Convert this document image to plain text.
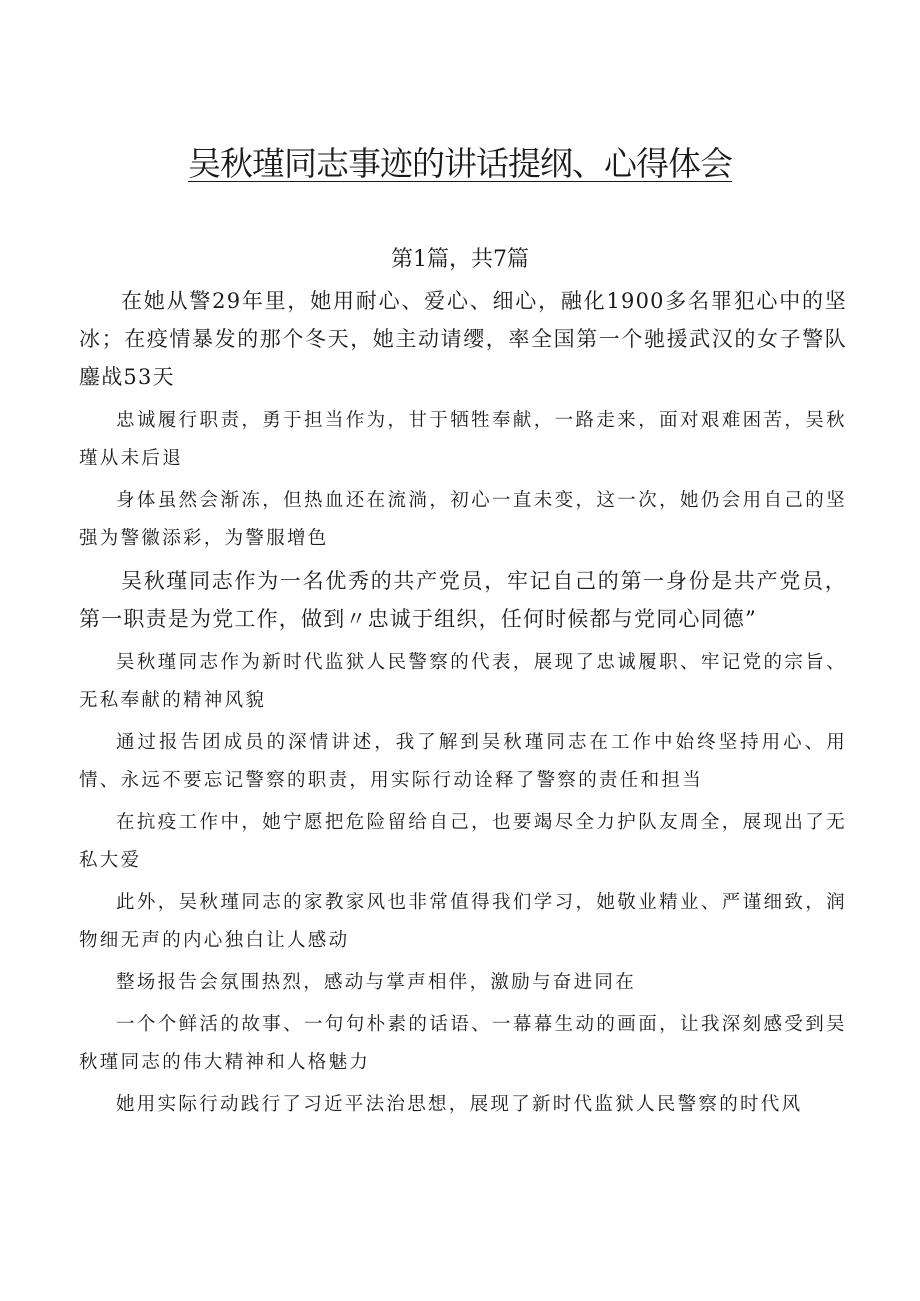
吴秋瑾同志事迹的讲话提纲、心得体会
第1篇，共7篇

在她从警29年里，她用耐心、爱心、细心，融化1900多名罪犯心中的坚冰；在疫情暴发的那个冬天，她主动请缨，率全国第一个驰援武汉的女子警队鏖战53天

忠诚履行职责，勇于担当作为，甘于牺牲奉献，一路走来，面对艰难困苦，吴秋瑾从未后退

身体虽然会渐冻，但热血还在流淌，初心一直未变，这一次，她仍会用自己的坚强为警徽添彩，为警服增色

吴秋瑾同志作为一名优秀的共产党员，牢记自己的第一身份是共产党员，第一职责是为党工作，做到〃忠诚于组织，任何时候都与党同心同德”

吴秋瑾同志作为新时代监狱人民警察的代表，展现了忠诚履职、牢记党的宗旨、无私奉献的精神风貌

通过报告团成员的深情讲述，我了解到吴秋瑾同志在工作中始终坚持用心、用情、永远不要忘记警察的职责，用实际行动诠释了警察的责任和担当

在抗疫工作中，她宁愿把危险留给自己，也要竭尽全力护队友周全，展现出了无私大爱

此外，吴秋瑾同志的家教家风也非常值得我们学习，她敬业精业、严谨细致，润物细无声的内心独白让人感动

整场报告会氛围热烈，感动与掌声相伴，激励与奋进同在

一个个鲜活的故事、一句句朴素的话语、一幕幕生动的画面，让我深刻感受到吴秋瑾同志的伟大精神和人格魅力

她用实际行动践行了习近平法治思想，展现了新时代监狱人民警察的时代风
